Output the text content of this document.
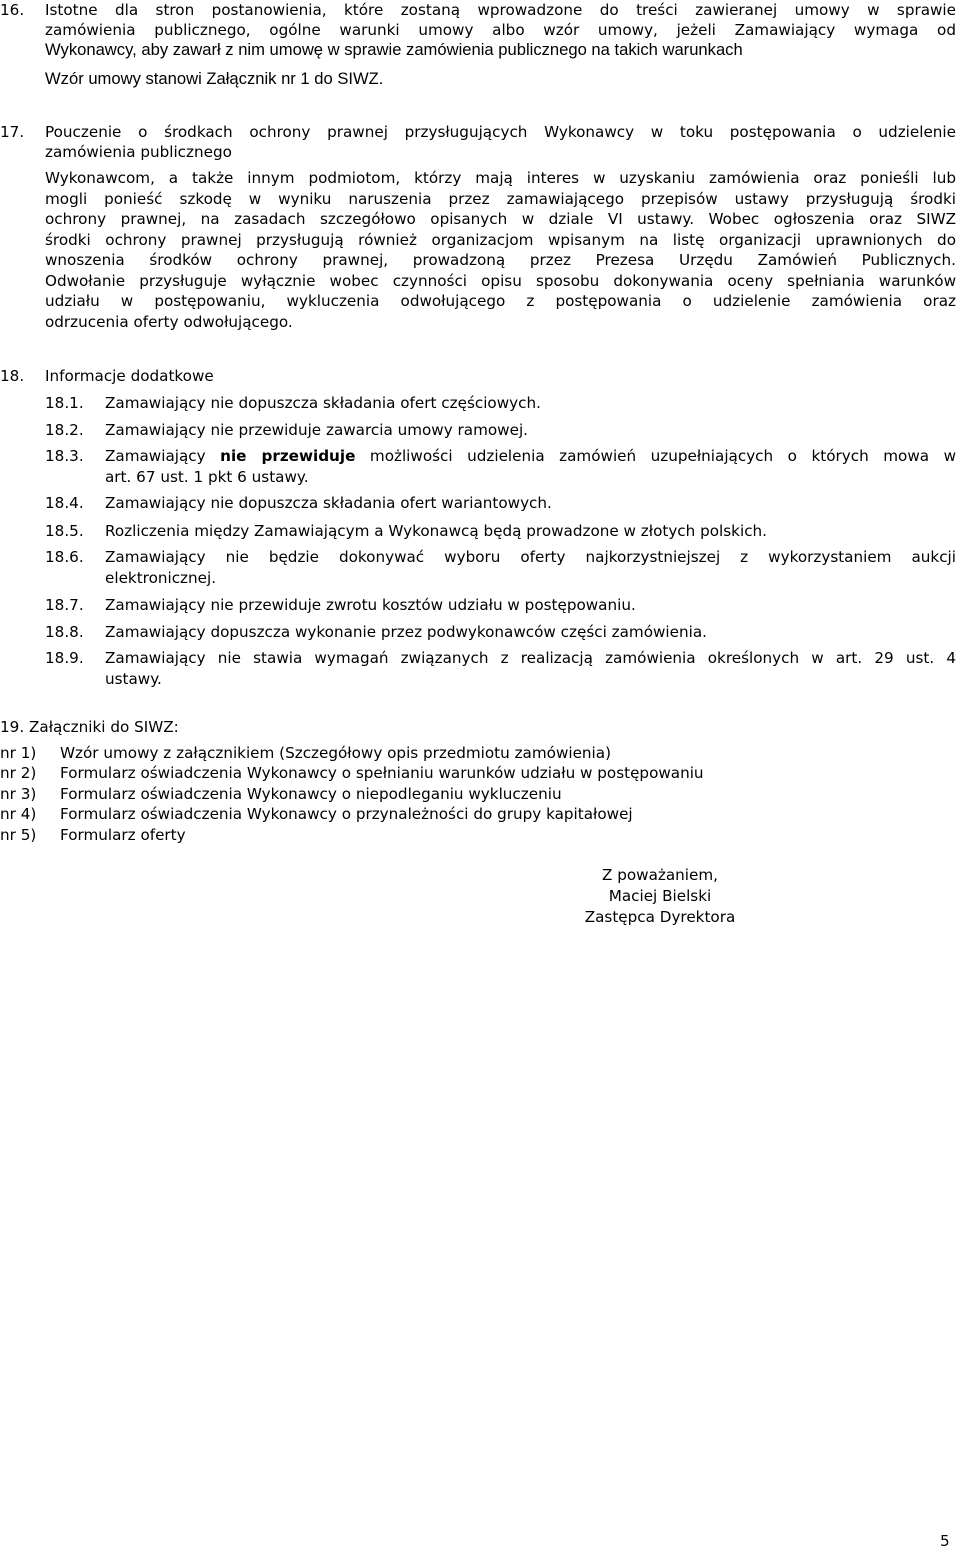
16. Istotne dla stron postanowienia, które zostaną wprowadzone do treści zawieranej umowy w sprawie
zamówienia publicznego, ogólne warunki umowy albo wzór umowy, jeżeli Zamawiający wymaga od
Wykonawcy, aby zawarł z nim umowę w sprawie zamówienia publicznego na takich warunkach
Wzór umowy stanowi Załącznik nr 1 do SIWZ.
17. Pouczenie o środkach ochrony prawnej przysługujących Wykonawcy w toku postępowania o udzielenie
zamówienia publicznego
Wykonawcom, a także innym podmiotom, którzy mają interes w uzyskaniu zamówienia oraz ponieśli lub
mogli ponieść szkodę w wyniku naruszenia przez zamawiającego przepisów ustawy przysługują środki
ochrony prawnej, na zasadach szczegółowo opisanych w dziale VI ustawy. Wobec ogłoszenia oraz SIWZ
środki ochrony prawnej przysługują również organizacjom wpisanym na listę organizacji uprawnionych do
wnoszenia środków ochrony prawnej, prowadzoną przez Prezesa Urzędu Zamówień Publicznych.
Odwołanie przysługuje wyłącznie wobec czynności opisu sposobu dokonywania oceny spełniania warunków
udziału w postępowaniu, wykluczenia odwołującego z postępowania o udzielenie zamówienia oraz
odrzucenia oferty odwołującego.
18. Informacje dodatkowe
18.1. Zamawiający nie dopuszcza składania ofert częściowych.
18.2. Zamawiający nie przewiduje zawarcia umowy ramowej.
18.3. Zamawiający nie przewiduje możliwości udzielenia zamówień uzupełniających o których mowa w
art. 67 ust. 1 pkt 6 ustawy.
18.4. Zamawiający nie dopuszcza składania ofert wariantowych.
18.5. Rozliczenia między Zamawiającym a Wykonawcą będą prowadzone w złotych polskich.
18.6. Zamawiający nie będzie dokonywać wyboru oferty najkorzystniejszej z wykorzystaniem aukcji
elektronicznej.
18.7. Zamawiający nie przewiduje zwrotu kosztów udziału w postępowaniu.
18.8. Zamawiający dopuszcza wykonanie przez podwykonawców części zamówienia.
18.9. Zamawiający nie stawia wymagań związanych z realizacją zamówienia określonych w art. 29 ust. 4
ustawy.
19. Załączniki do SIWZ:
nr 1) Wzór umowy z załącznikiem (Szczegółowy opis przedmiotu zamówienia)
nr 2) Formularz oświadczenia Wykonawcy o spełnianiu warunków udziału w postępowaniu
nr 3) Formularz oświadczenia Wykonawcy o niepodleganiu wykluczeniu
nr 4) Formularz oświadczenia Wykonawcy o przynależności do grupy kapitałowej
nr 5) Formularz oferty
Z poważaniem,
Maciej Bielski
Zastępca Dyrektora
5
